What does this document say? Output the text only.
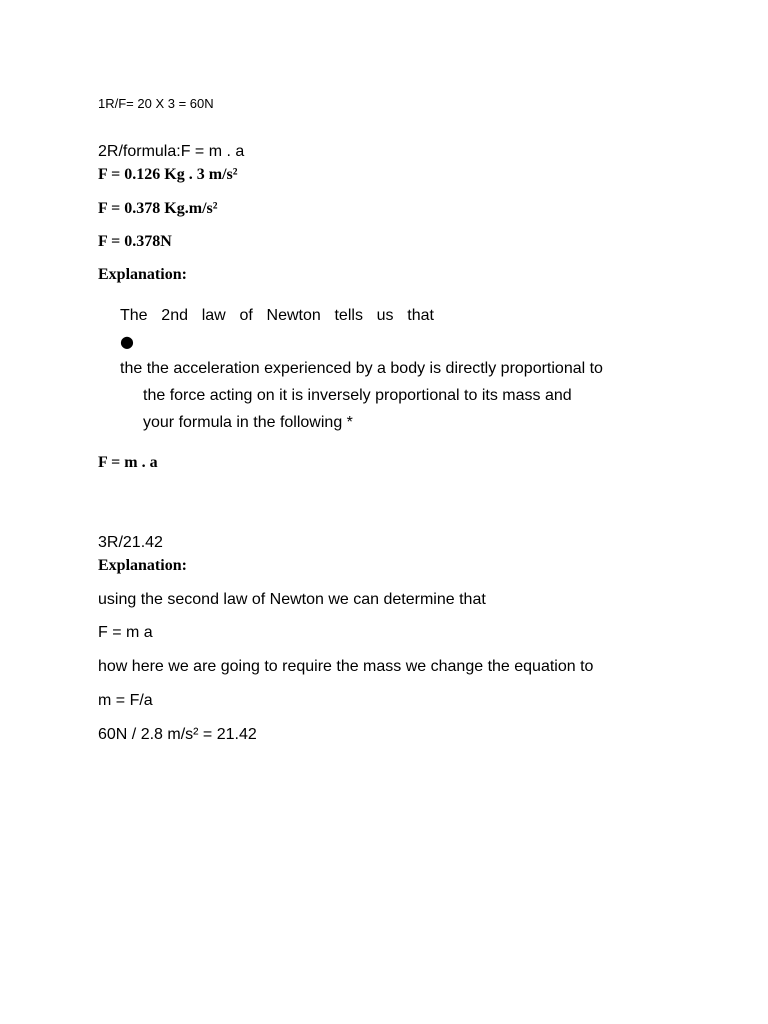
1R/F= 20 X 3 = 60N
2R/formula:F = m . a
F = 0.126 Kg . 3 m/s²
F = 0.378 Kg.m/s²
F = 0.378N
Explanation:
The 2nd law of Newton tells us that
●
the the acceleration experienced by a body is directly proportional to
the force acting on it is inversely proportional to its mass and
your formula in the following *
F = m . a
3R/21.42
Explanation:
using the second law of Newton we can determine that
F = m a
how here we are going to require the mass we change the equation to
m = F/a
60N / 2.8 m/s² = 21.42
